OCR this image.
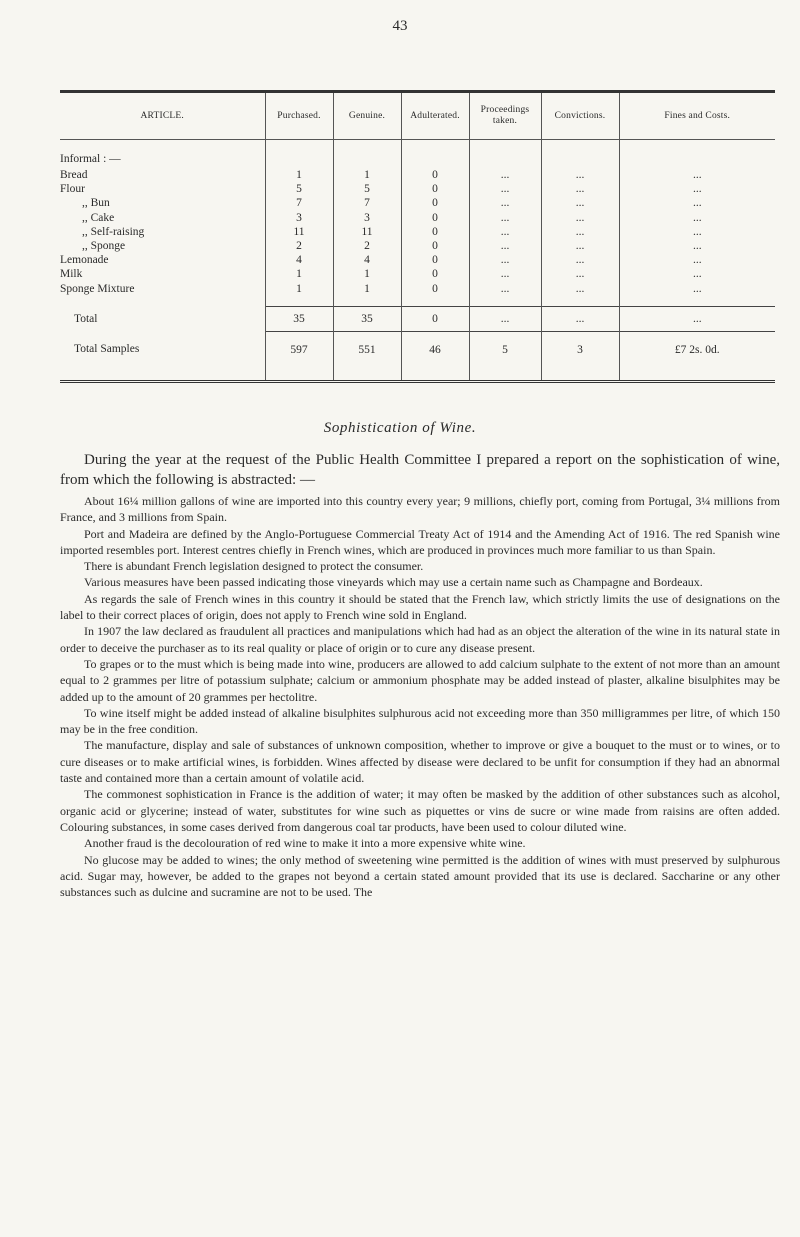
43
ARTICLE.	Purchased.	Genuine.	Adulterated.	Proceedings taken.	Convictions.	Fines and Costs.

Informal : —						
Bread	1	1	0	...	...	...
Flour	5	5	0	...	...	...
,, Bun	7	7	0	...	...	...
,, Cake	3	3	0	...	...	...
,, Self-raising	11	11	0	...	...	...
,, Sponge	2	2	0	...	...	...
Lemonade	4	4	0	...	...	...
Milk	1	1	0	...	...	...
Sponge Mixture	1	1	0	...	...	...

Total	35	35	0	...	...	...
Total Samples	597	551	46	5	3	£7 2s. 0d.

Sophistication of Wine.

During the year at the request of the Public Health Committee I prepared a report on the sophistication of wine, from which the following is abstracted: —

About 16¼ million gallons of wine are imported into this country every year; 9 millions, chiefly port, coming from Portugal, 3¼ millions from France, and 3 millions from Spain.

Port and Madeira are defined by the Anglo-Portuguese Commercial Treaty Act of 1914 and the Amending Act of 1916. The red Spanish wine imported resembles port. Interest centres chiefly in French wines, which are produced in provinces much more familiar to us than Spain.

There is abundant French legislation designed to protect the consumer.

Various measures have been passed indicating those vineyards which may use a certain name such as Champagne and Bordeaux.

As regards the sale of French wines in this country it should be stated that the French law, which strictly limits the use of designations on the label to their correct places of origin, does not apply to French wine sold in England.

In 1907 the law declared as fraudulent all practices and manipulations which had had as an object the alteration of the wine in its natural state in order to deceive the purchaser as to its real quality or place of origin or to cure any disease present.

To grapes or to the must which is being made into wine, producers are allowed to add calcium sulphate to the extent of not more than an amount equal to 2 grammes per litre of potassium sulphate; calcium or ammonium phosphate may be added instead of plaster, alkaline bisulphites may be added up to the amount of 20 grammes per hectolitre.

To wine itself might be added instead of alkaline bisulphites sulphurous acid not exceeding more than 350 milligrammes per litre, of which 150 may be in the free condition.

The manufacture, display and sale of substances of unknown composition, whether to improve or give a bouquet to the must or to wines, or to cure diseases or to make artificial wines, is forbidden. Wines affected by disease were declared to be unfit for consumption if they had an abnormal taste and contained more than a certain amount of volatile acid.

The commonest sophistication in France is the addition of water; it may often be masked by the addition of other substances such as alcohol, organic acid or glycerine; instead of water, substitutes for wine such as piquettes or vins de sucre or wine made from raisins are often added. Colouring substances, in some cases derived from dangerous coal tar products, have been used to colour diluted wine.

Another fraud is the decolouration of red wine to make it into a more expensive white wine.

No glucose may be added to wines; the only method of sweetening wine permitted is the addition of wines with must preserved by sulphurous acid. Sugar may, however, be added to the grapes not beyond a certain stated amount provided that its use is declared. Saccharine or any other substances such as dulcine and sucramine are not to be used. The
